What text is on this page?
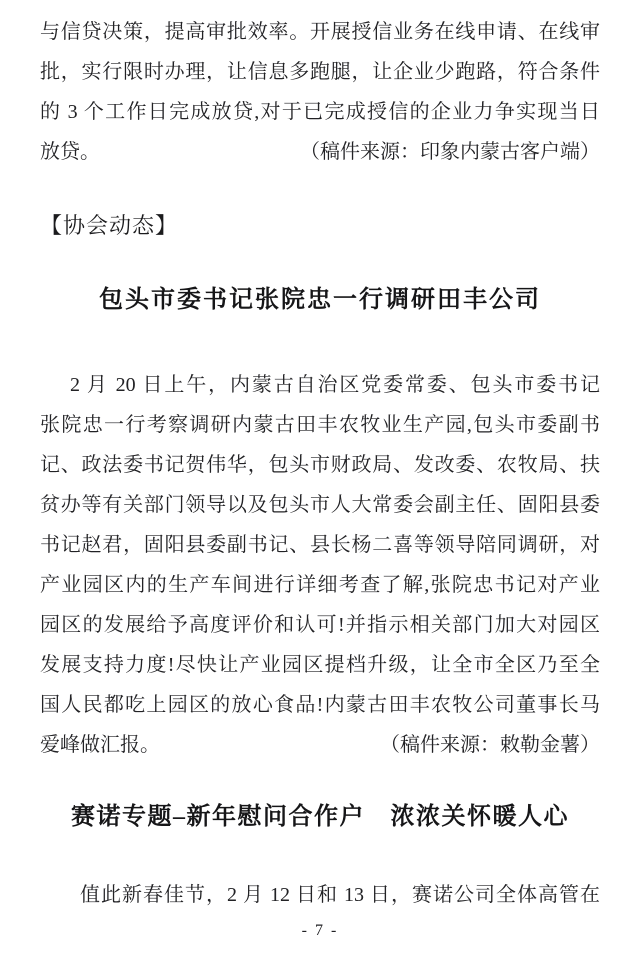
与信贷决策，提高审批效率。开展授信业务在线申请、在线审
批，实行限时办理，让信息多跑腿，让企业少跑路，符合条件
的 3 个工作日完成放贷,对于已完成授信的企业力争实现当日
放贷。	（稿件来源：印象内蒙古客户端）
【协会动态】
包头市委书记张院忠一行调研田丰公司
2 月 20 日上午，内蒙古自治区党委常委、包头市委书记
张院忠一行考察调研内蒙古田丰农牧业生产园,包头市委副书
记、政法委书记贺伟华，包头市财政局、发改委、农牧局、扶
贫办等有关部门领导以及包头市人大常委会副主任、固阳县委
书记赵君，固阳县委副书记、县长杨二喜等领导陪同调研，对
产业园区内的生产车间进行详细考查了解,张院忠书记对产业
园区的发展给予高度评价和认可!并指示相关部门加大对园区
发展支持力度!尽快让产业园区提档升级，让全市全区乃至全
国人民都吃上园区的放心食品!内蒙古田丰农牧公司董事长马
爱峰做汇报。	（稿件来源：敕勒金薯）
赛诺专题–新年慰问合作户　浓浓关怀暖人心
值此新春佳节，2 月 12 日和 13 日，赛诺公司全体高管在
- 7 -
